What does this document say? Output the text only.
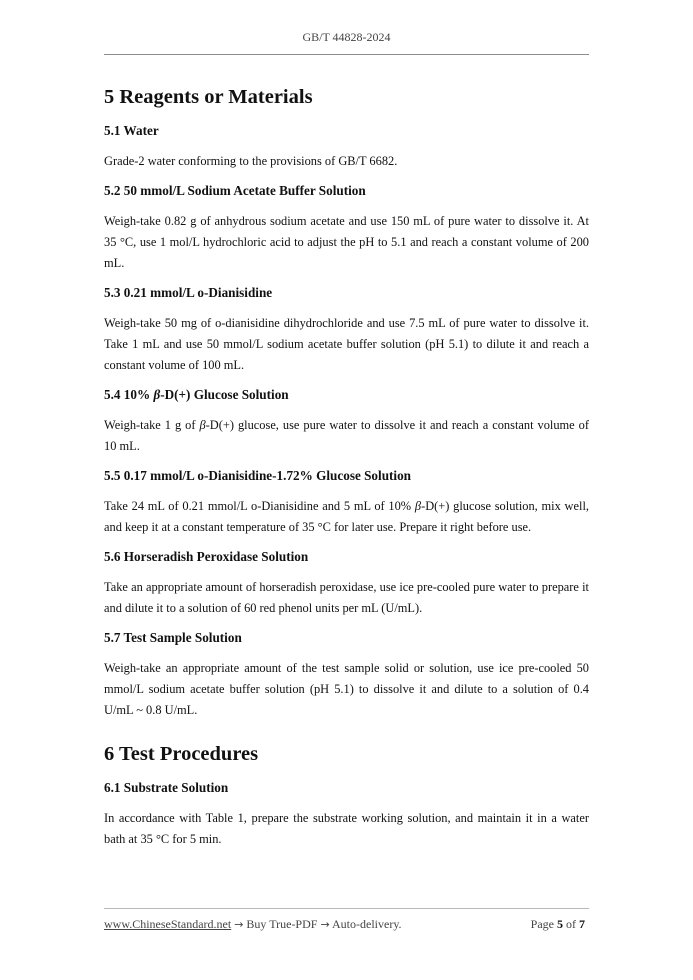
GB/T 44828-2024
5 Reagents or Materials
5.1 Water

Grade-2 water conforming to the provisions of GB/T 6682.

5.2 50 mmol/L Sodium Acetate Buffer Solution

Weigh-take 0.82 g of anhydrous sodium acetate and use 150 mL of pure water to dissolve it. At 35 °C, use 1 mol/L hydrochloric acid to adjust the pH to 5.1 and reach a constant volume of 200 mL.

5.3 0.21 mmol/L o-Dianisidine

Weigh-take 50 mg of o-dianisidine dihydrochloride and use 7.5 mL of pure water to dissolve it. Take 1 mL and use 50 mmol/L sodium acetate buffer solution (pH 5.1) to dilute it and reach a constant volume of 100 mL.

5.4 10% β-D(+) Glucose Solution

Weigh-take 1 g of β-D(+) glucose, use pure water to dissolve it and reach a constant volume of 10 mL.

5.5 0.17 mmol/L o-Dianisidine-1.72% Glucose Solution

Take 24 mL of 0.21 mmol/L o-Dianisidine and 5 mL of 10% β-D(+) glucose solution, mix well, and keep it at a constant temperature of 35 °C for later use. Prepare it right before use.

5.6 Horseradish Peroxidase Solution

Take an appropriate amount of horseradish peroxidase, use ice pre-cooled pure water to prepare it and dilute it to a solution of 60 red phenol units per mL (U/mL).

5.7 Test Sample Solution

Weigh-take an appropriate amount of the test sample solid or solution, use ice pre-cooled 50 mmol/L sodium acetate buffer solution (pH 5.1) to dissolve it and dilute to a solution of 0.4 U/mL ~ 0.8 U/mL.

6 Test Procedures
6.1 Substrate Solution

In accordance with Table 1, prepare the substrate working solution, and maintain it in a water bath at 35 °C for 5 min.

www.ChineseStandard.net → Buy True-PDF → Auto-delivery.	Page 5 of 7
